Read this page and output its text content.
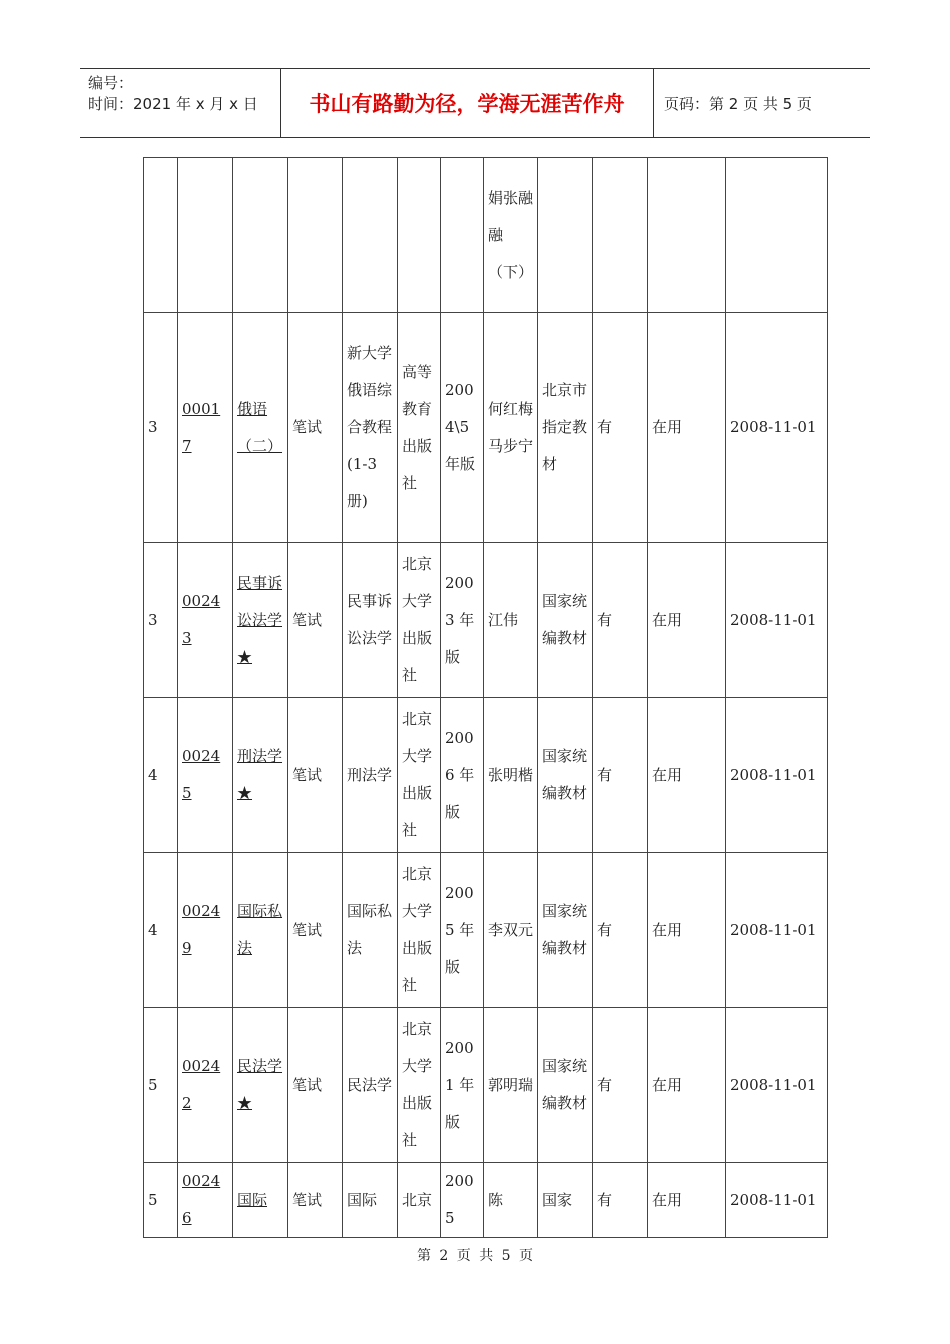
编号：
时间：2021 年 x 月 x 日	书山有路勤为径，学海无涯苦作舟	页码：第 2 页 共 5 页
							娟张融融（下）				
3	00017	俄语（二）	笔试	新大学俄语综合教程(1-3 册)	高等教育出版社	2004\5 年版	何红梅马步宁	北京市指定教材	有	在用	2008-11-01
3	00243	民事诉讼法学★	笔试	民事诉讼法学	北京大学出版社	2003 年版	江伟	国家统编教材	有	在用	2008-11-01
4	00245	刑法学★	笔试	刑法学	北京大学出版社	2006 年版	张明楷	国家统编教材	有	在用	2008-11-01
4	00249	国际私法	笔试	国际私法	北京大学出版社	2005 年版	李双元	国家统编教材	有	在用	2008-11-01
5	00242	民法学★	笔试	民法学	北京大学出版社	2001 年版	郭明瑞	国家统编教材	有	在用	2008-11-01
5	00246	国际	笔试	国际	北京	2005	陈	国家	有	在用	2008-11-01
第 2 页 共 5 页
